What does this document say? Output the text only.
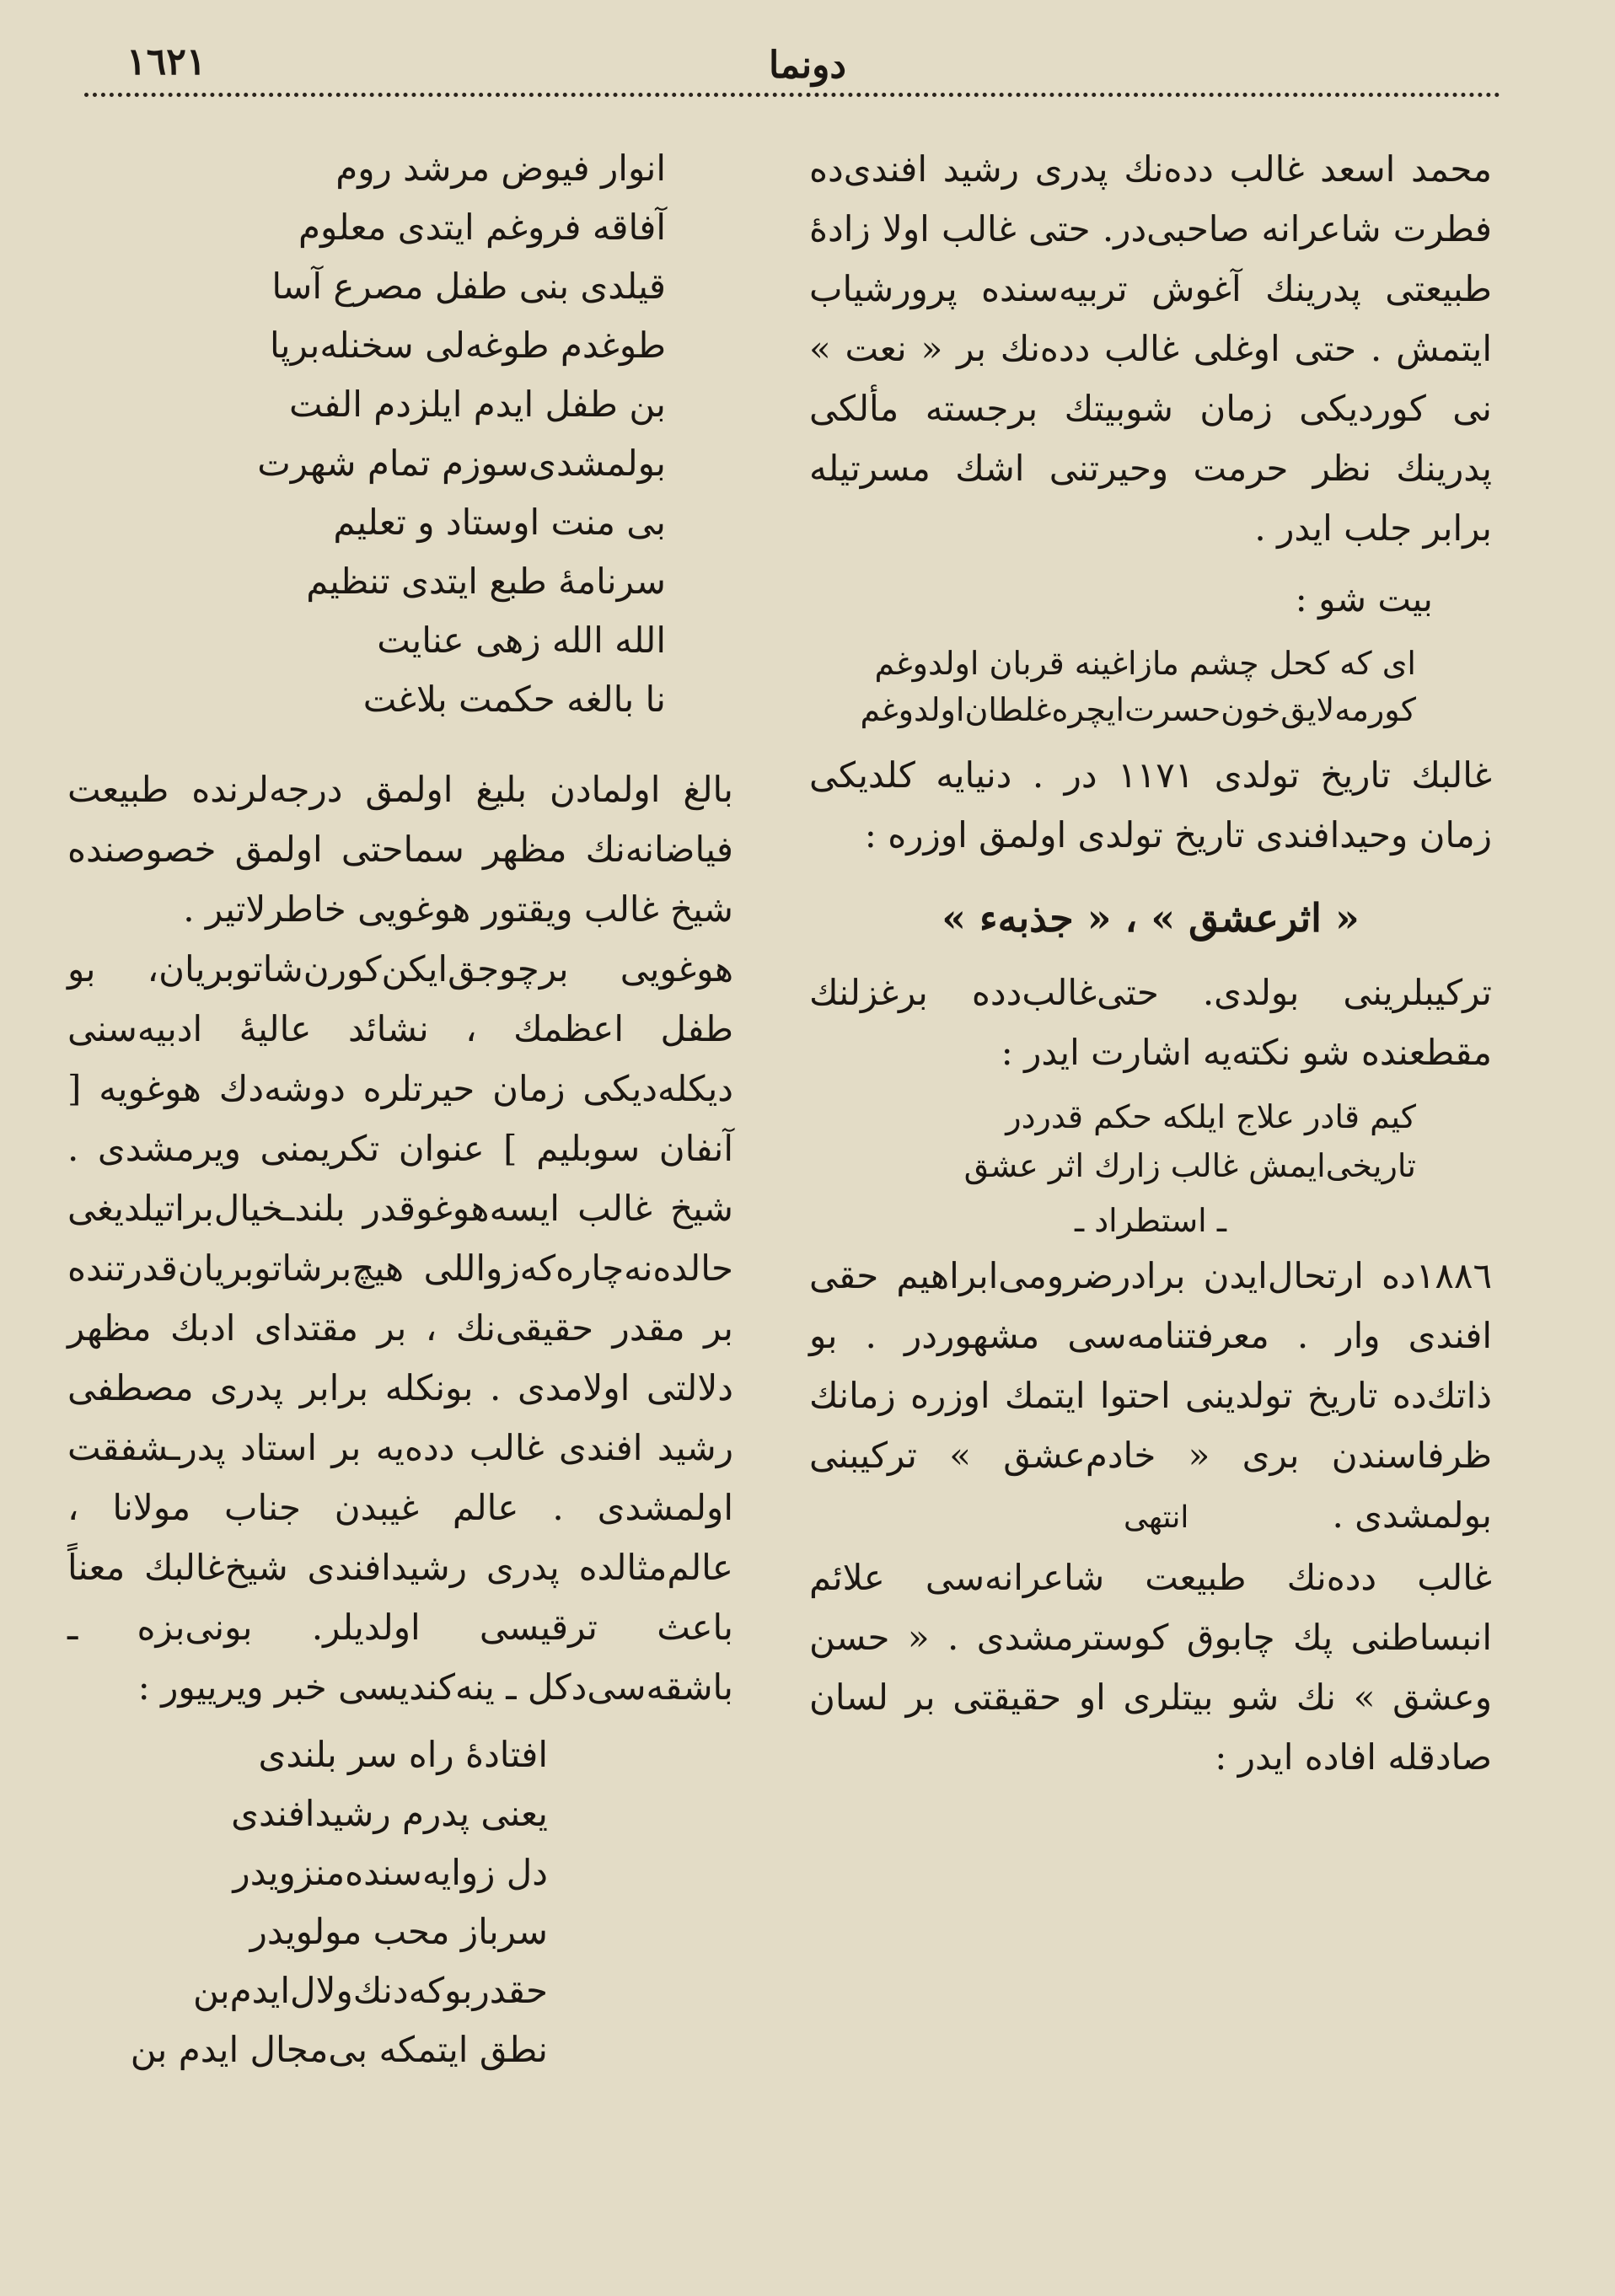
١٦٢١	دونما

محمد اسعد غالب دده‌نك پدری رشید افندی‌ده فطرت شاعرانه صاحبی‌در. حتی غالب اولا زادهٔ طبیعتی پدرینك آغوش تربیه‌سنده پرورشیاب ایتمش . حتی اوغلی غالب دده‌نك بر « نعت » نی كوردیكی زمان شوبیتك برجسته مألكی پدرینك نظر حرمت وحیرتنی اشك مسرتیله برابر جلب ایدر .

بیت شو :
ای كه كحل چشم مازاغینه قربان اولدوغم
كورمه‌لایق‌خون‌حسرت‌ایچره‌غلطان‌اولدوغم

غالبك تاریخ تولدی ١١٧١ در . دنیایه كلدیكی زمان وحیدافندی تاریخ تولدی اولمق اوزره :

« اثرعشق » ، « جذبه‌ء »

تركیبلرینی بولدی. حتی‌غالب‌دده برغزلنك مقطعنده شو نكته‌یه اشارت ایدر :

كیم قادر علاج ایلكه حكم قدردر
تاریخی‌ایمش غالب زارك اثر عشق
ـ استطراد ـ

١٨٨٦ده ارتحال‌ایدن برادرضرومی‌ابراهیم حقی افندی وار . معرفتنامه‌سی مشهوردر . بو ذاتك‌ده تاریخ تولدینی احتوا ایتمك اوزره زمانك ظرفاسندن بری « خادم‌عشق » تركیبنی بولمشدی .انتهی

غالب دده‌نك طبیعت شاعرانه‌سی علائم انبساطنی پك چابوق كوسترمشدی . « حسن وعشق » نك شو بیتلری او حقیقتی بر لسان صادقله افاده ایدر :

انوار فیوض مرشد روم
آفاقه فروغم ایتدی معلوم
قیلدی بنی طفل مصرع آسا
طوغدم طوغه‌لی سخنله‌برپا
بن طفل ایدم ایلزدم الفت
بولمشدی‌سوزم تمام شهرت
بی منت اوستاد و تعلیم
سرنامهٔ طبع ایتدی تنظیم
الله الله زهی عنایت
نا بالغه حكمت بلاغت

بالغ اولمادن بلیغ اولمق درجه‌لرنده طبیعت فیاضانه‌نك مظهر سماحتی اولمق خصوصنده شیخ غالب ویقتور هوغویی خاطرلاتیر .

هوغویی برچوجق‌ایكن‌كورن‌شاتوبریان، بو طفل اعظمك ، نشائد عالیهٔ ادبیه‌سنی دیكله‌دیكی زمان حیرتلره دوشه‌دك هوغویه [ آنفان سوبلیم ] عنوان تكریمنی ویرمشدی . شیخ غالب ایسه‌هوغوقدر بلندـخیال‌براتیلدیغی حالده‌نه‌چاره‌كه‌زواللی هیچ‌برشاتوبریان‌قدرتنده بر مقدر حقیقی‌نك ، بر مقتدای ادبك مظهر دلالتی اولامدی . بونكله برابر پدری مصطفی رشید افندی غالب دده‌یه بر استاد پدرـشفقت اولمشدی . عالم غیبدن جناب مولانا ، عالم‌مثالده پدری رشیدافندی شیخ‌غالبك معناً باعث ترقیسی اولدیلر. بونی‌بزه ـ باشقه‌سی‌دكل ـ ینه‌كندیسی خبر ویرییور :

افتادهٔ راه سر بلندی
یعنی پدرم رشیدافندی
دل زوایه‌سنده‌منزویدر
سرباز محب مولویدر
حقدر‌بوكه‌دنك‌ولال‌ایدم‌بن
نطق ایتمكه بی‌مجال ایدم بن
